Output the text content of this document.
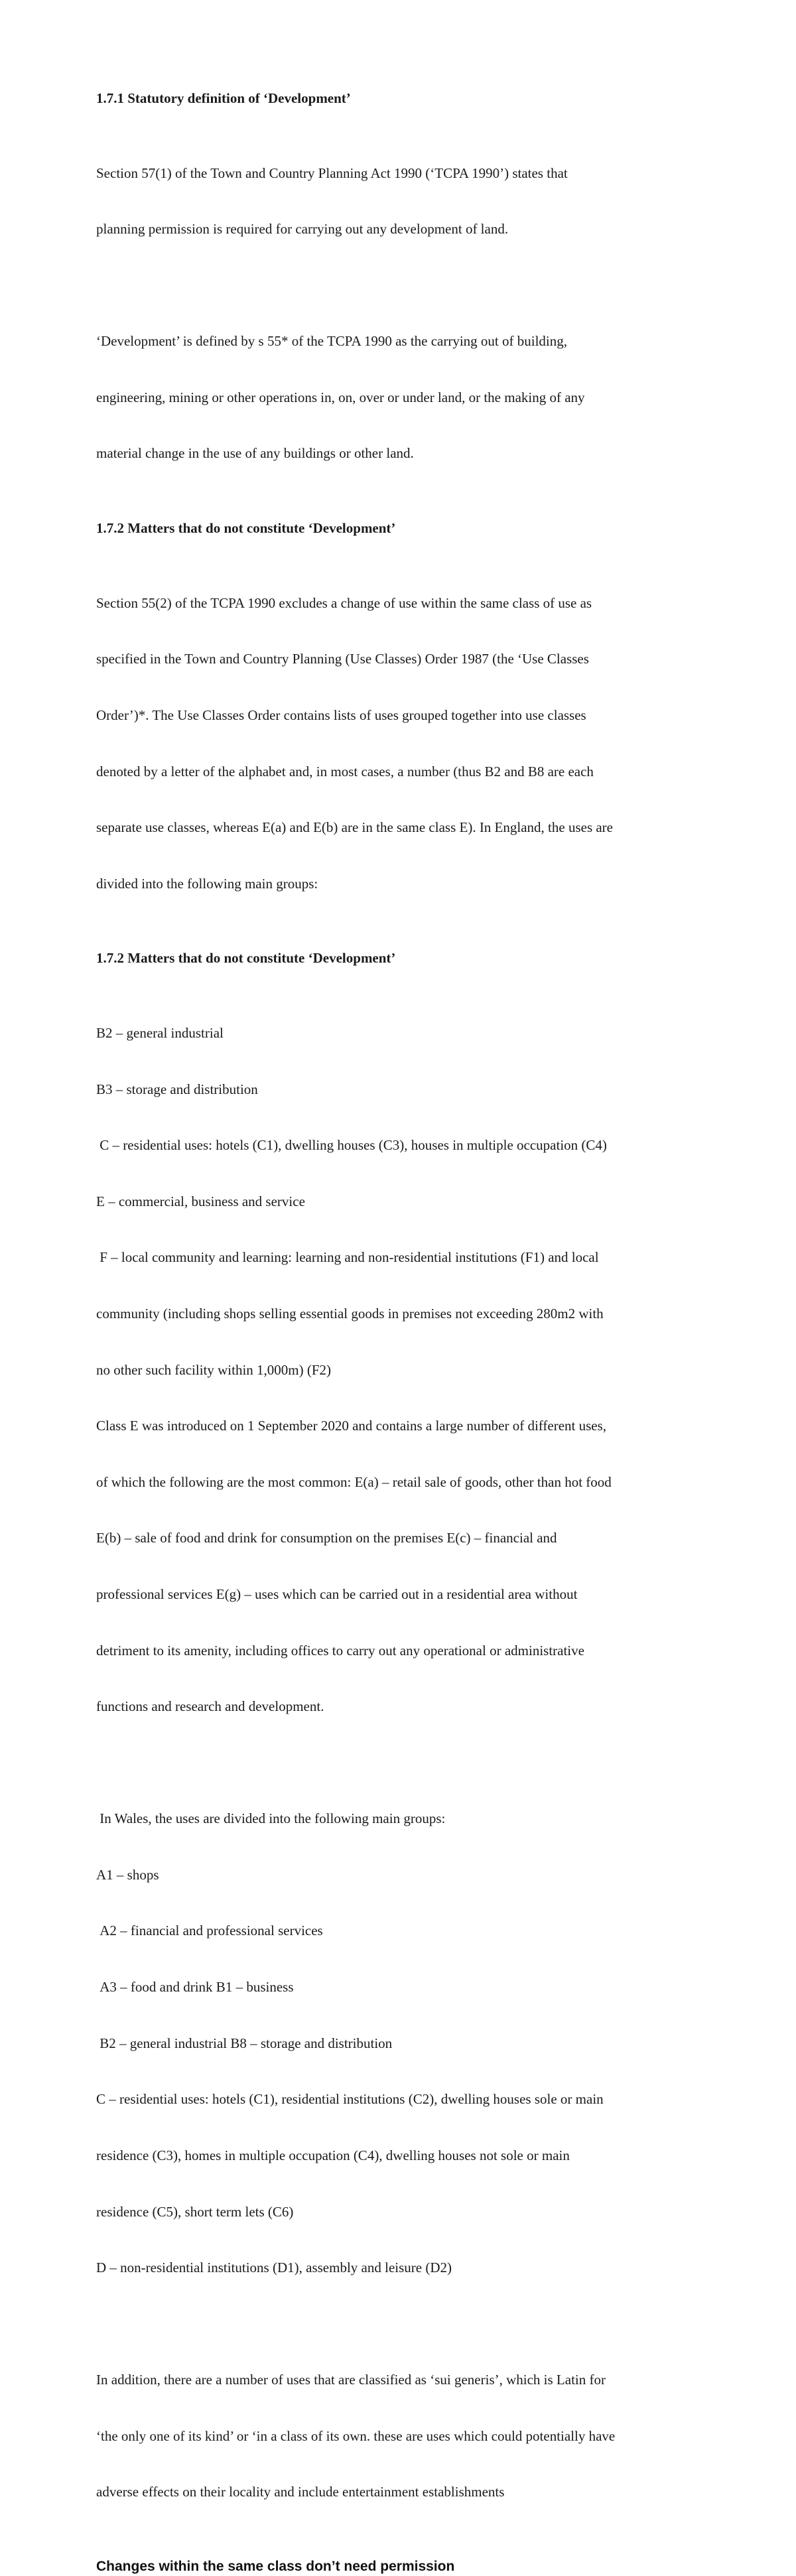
1.7.1 Statutory definition of ‘Development’

Section 57(1) of the Town and Country Planning Act 1990 (‘TCPA 1990’) states that

planning permission is required for carrying out any development of land.

‘Development’ is defined by s 55* of the TCPA 1990 as the carrying out of building,

engineering, mining or other operations in, on, over or under land, or the making of any

material change in the use of any buildings or other land.

1.7.2 Matters that do not constitute ‘Development’

Section 55(2) of the TCPA 1990 excludes a change of use within the same class of use as

specified in the Town and Country Planning (Use Classes) Order 1987 (the ‘Use Classes

Order’)*. The Use Classes Order contains lists of uses grouped together into use classes

denoted by a letter of the alphabet and, in most cases, a number (thus B2 and B8 are each

separate use classes, whereas E(a) and E(b) are in the same class E). In England, the uses are

divided into the following main groups:

1.7.2 Matters that do not constitute ‘Development’

B2 – general industrial

B3 – storage and distribution

C – residential uses: hotels (C1), dwelling houses (C3), houses in multiple occupation (C4)

E – commercial, business and service

F – local community and learning: learning and non-residential institutions (F1) and local

community (including shops selling essential goods in premises not exceeding 280m2 with

no other such facility within 1,000m) (F2)

Class E was introduced on 1 September 2020 and contains a large number of different uses,

of which the following are the most common: E(a) – retail sale of goods, other than hot food

E(b) – sale of food and drink for consumption on the premises E(c) – financial and

professional services E(g) – uses which can be carried out in a residential area without

detriment to its amenity, including offices to carry out any operational or administrative

functions and research and development.

In Wales, the uses are divided into the following main groups:

A1 – shops

A2 – financial and professional services

A3 – food and drink B1 – business

B2 – general industrial B8 – storage and distribution

C – residential uses: hotels (C1), residential institutions (C2), dwelling houses sole or main

residence (C3), homes in multiple occupation (C4), dwelling houses not sole or main

residence (C5), short term lets (C6)

D – non-residential institutions (D1), assembly and leisure (D2)

In addition, there are a number of uses that are classified as ‘sui generis’, which is Latin for

‘the only one of its kind’ or ‘in a class of its own. these are uses which could potentially have

adverse effects on their locality and include entertainment establishments

Changes within the same class don’t need permission
